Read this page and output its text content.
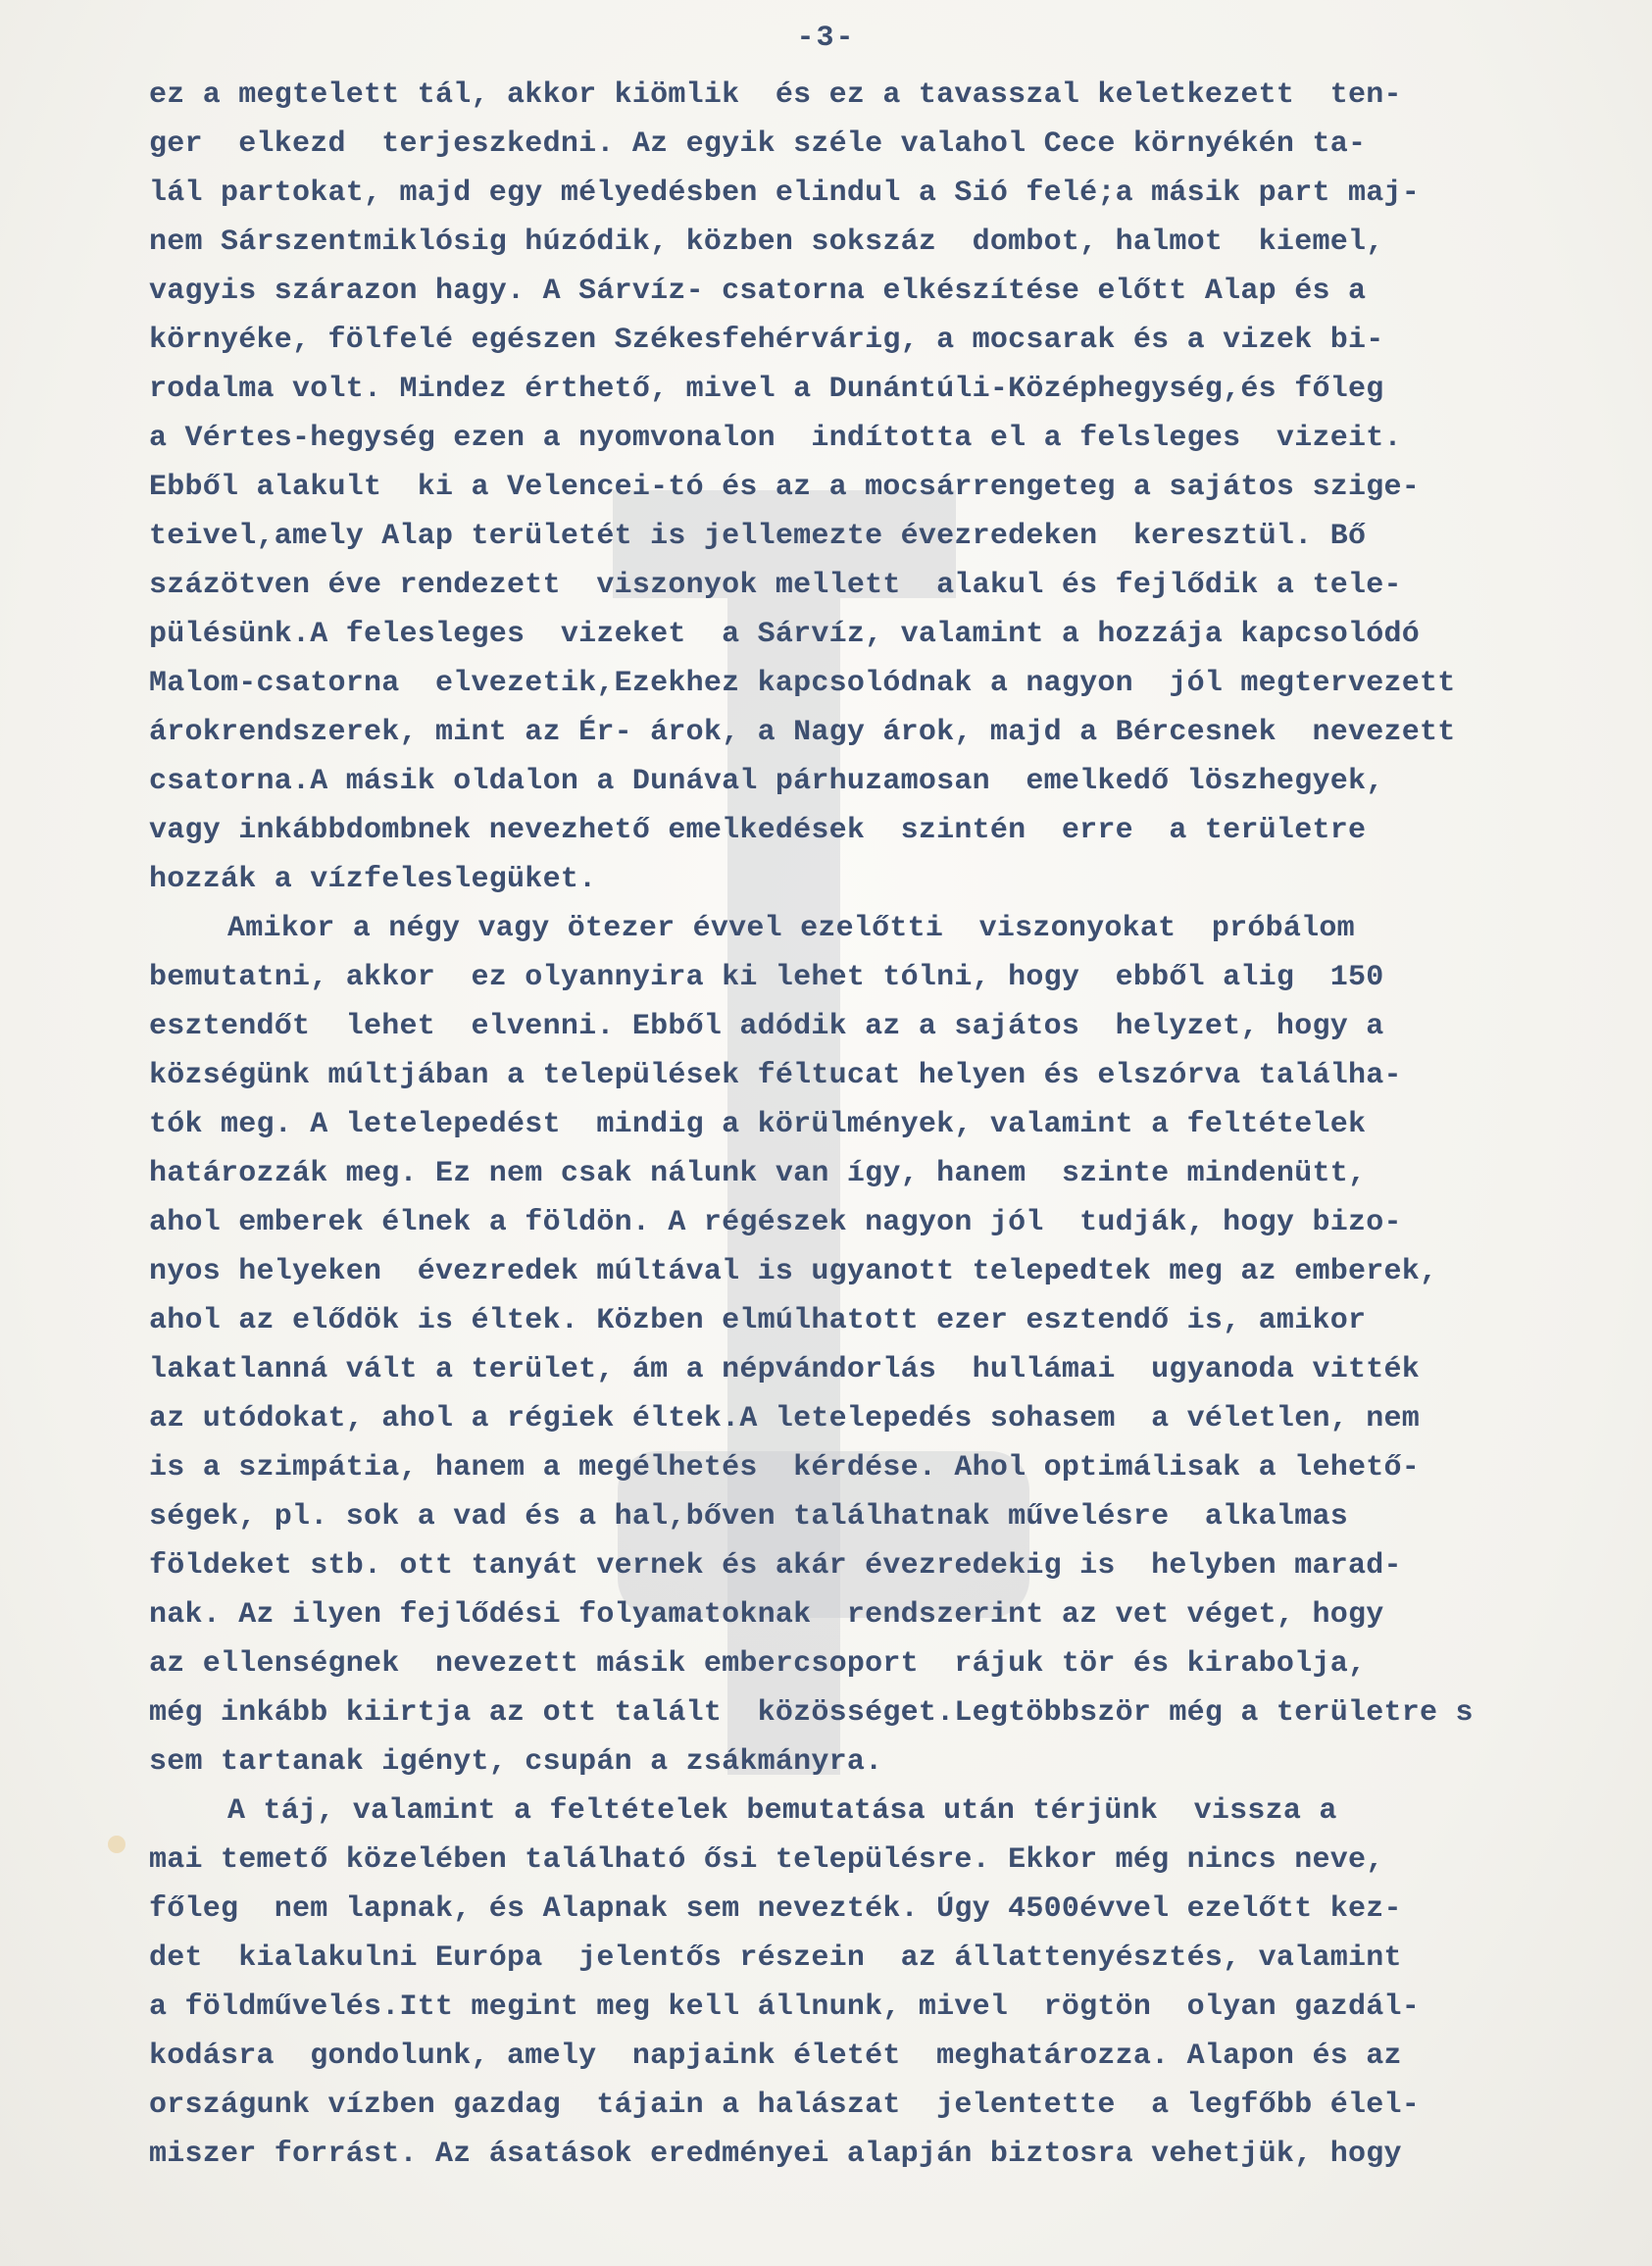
-3-
ez a megtelett tál, akkor kiömlik  és ez a tavasszal keletkezett  ten-
ger  elkezd  terjeszkedni. Az egyik széle valahol Cece környékén ta-
lál partokat, majd egy mélyedésben elindul a Sió felé;a másik part maj-
nem Sárszentmiklósig húzódik, közben sokszáz  dombot, halmot  kiemel,
vagyis szárazon hagy. A Sárvíz- csatorna elkészítése előtt Alap és a
környéke, fölfelé egészen Székesfehérvárig, a mocsarak és a vizek bi-
rodalma volt. Mindez érthető, mivel a Dunántúli-Középhegység,és főleg
a Vértes-hegység ezen a nyomvonalon  indította el a felsleges  vizeit.
Ebből alakult  ki a Velencei-tó és az a mocsárrengeteg a sajátos szige-
teivel,amely Alap területét is jellemezte évezredeken  keresztül. Bő
százötven éve rendezett  viszonyok mellett  alakul és fejlődik a tele-
pülésünk.A felesleges  vizeket  a Sárvíz, valamint a hozzája kapcsolódó
Malom-csatorna  elvezetik,Ezekhez kapcsolódnak a nagyon  jól megtervezett
árokrendszerek, mint az Ér- árok, a Nagy árok, majd a Bércesnek  nevezett
csatorna.A másik oldalon a Dunával párhuzamosan  emelkedő löszhegyek,
vagy inkábbdombnek nevezhető emelkedések  szintén  erre  a területre
hozzák a vízfeleslegüket.
Amikor a négy vagy ötezer évvel ezelőtti  viszonyokat  próbálom
bemutatni, akkor  ez olyannyira ki lehet tólni, hogy  ebből alig  150
esztendőt  lehet  elvenni. Ebből adódik az a sajátos  helyzet, hogy a
községünk múltjában a települések féltucat helyen és elszórva találha-
tók meg. A letelepedést  mindig a körülmények, valamint a feltételek
határozzák meg. Ez nem csak nálunk van így, hanem  szinte mindenütt,
ahol emberek élnek a földön. A régészek nagyon jól  tudják, hogy bizo-
nyos helyeken  évezredek múltával is ugyanott telepedtek meg az emberek,
ahol az elődök is éltek. Közben elmúlhatott ezer esztendő is, amikor
lakatlanná vált a terület, ám a népvándorlás  hullámai  ugyanoda vitték
az utódokat, ahol a régiek éltek.A letelepedés sohasem  a véletlen, nem
is a szimpátia, hanem a megélhetés  kérdése. Ahol optimálisak a lehető-
ségek, pl. sok a vad és a hal,bőven találhatnak művelésre  alkalmas
földeket stb. ott tanyát vernek és akár évezredekig is  helyben marad-
nak. Az ilyen fejlődési folyamatoknak  rendszerint az vet véget, hogy
az ellenségnek  nevezett másik embercsoport  rájuk tör és kirabolja,
még inkább kiirtja az ott talált  közösséget.Legtöbbször még a területre s
sem tartanak igényt, csupán a zsákmányra.
A táj, valamint a feltételek bemutatása után térjünk  vissza a
mai temető közelében található ősi településre. Ekkor még nincs neve,
főleg  nem lapnak, és Alapnak sem nevezték. Úgy 4500évvel ezelőtt kez-
det  kialakulni Európa  jelentős részein  az állattenyésztés, valamint
a földművelés.Itt megint meg kell állnunk, mivel  rögtön  olyan gazdál-
kodásra  gondolunk, amely  napjaink életét  meghatározza. Alapon és az
országunk vízben gazdag  tájain a halászat  jelentette  a legfőbb élel-
miszer forrást. Az ásatások eredményei alapján biztosra vehetjük, hogy
